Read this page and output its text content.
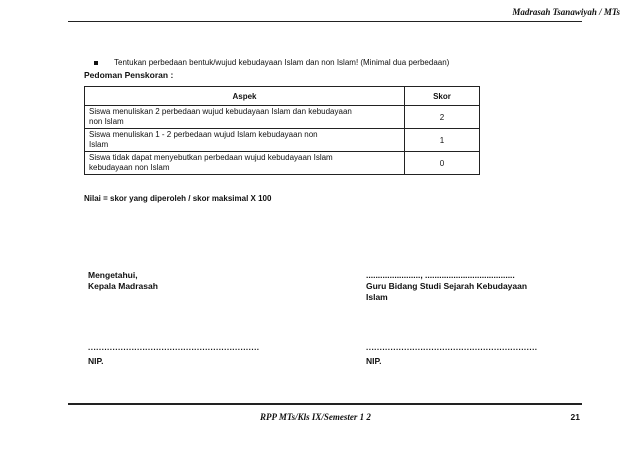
Madrasah Tsanawiyah / MTs
Tentukan perbedaan bentuk/wujud kebudayaan Islam dan non Islam! (Minimal dua perbedaan)
Pedoman Penskoran :
Aspek	Skor
Siswa menuliskan 2 perbedaan wujud kebudayaan Islam dan kebudayaan
non Islam	2
Siswa menuliskan 1 - 2 perbedaan wujud Islam kebudayaan non
Islam	1
Siswa tidak dapat menyebutkan perbedaan wujud kebudayaan Islam
kebudayaan non Islam	0
Nilai = skor yang diperoleh / skor maksimal X 100
Mengetahui,
Kepala Madrasah
......................., ......................................
Guru Bidang Studi Sejarah Kebudayaan
Islam
...............................................................	...............................................................
NIP.	NIP.
RPP MTs/Kls IX/Semester 1 2	21
